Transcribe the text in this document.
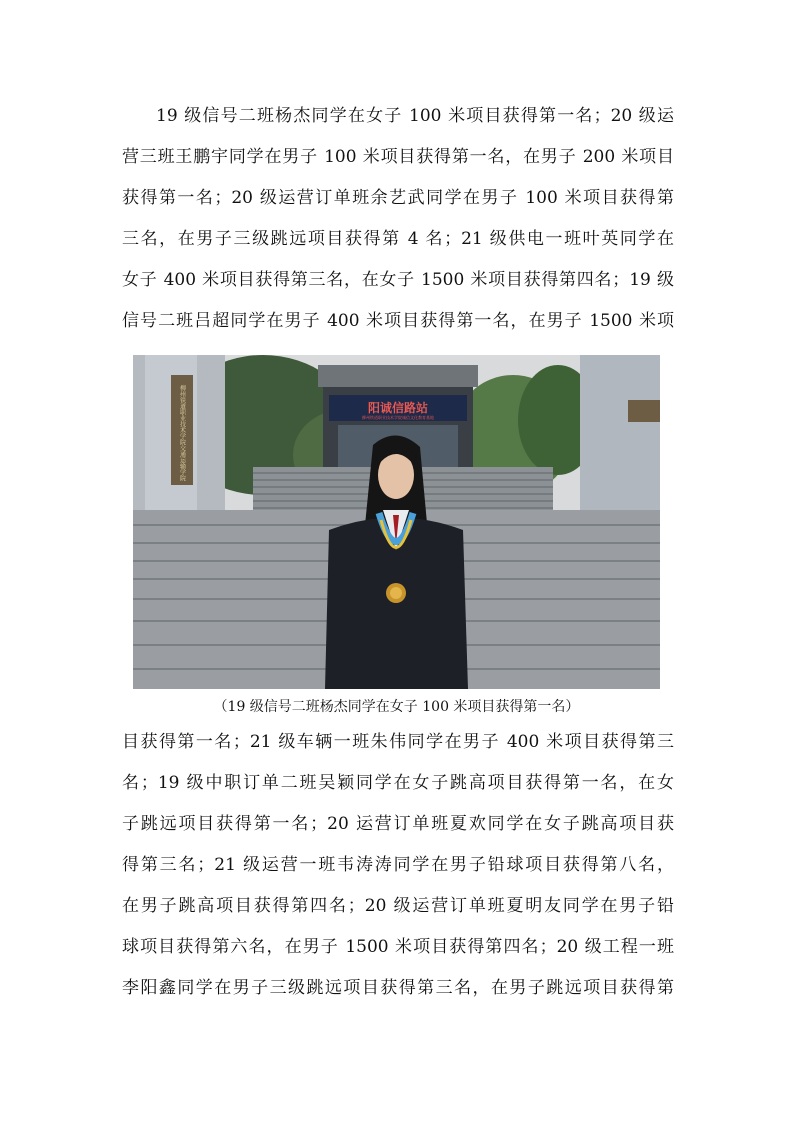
19 级信号二班杨杰同学在女子 100 米项目获得第一名；20 级运
营三班王鹏宇同学在男子 100 米项目获得第一名，在男子 200 米项目
获得第一名；20 级运营订单班余艺武同学在男子 100 米项目获得第
三名，在男子三级跳远项目获得第 4 名；21 级供电一班叶英同学在
女子 400 米项目获得第三名，在女子 1500 米项目获得第四名；19 级
信号二班吕超同学在男子 400 米项目获得第一名，在男子 1500 米项
柳州铁道职业技术学院交通运输学院	阳诚信路站
柳州铁道职业技术学院诚信文化教育基地
（19 级信号二班杨杰同学在女子 100 米项目获得第一名）
目获得第一名；21 级车辆一班朱伟同学在男子 400 米项目获得第三
名；19 级中职订单二班吴颖同学在女子跳高项目获得第一名，在女
子跳远项目获得第一名；20 运营订单班夏欢同学在女子跳高项目获
得第三名；21 级运营一班韦涛涛同学在男子铅球项目获得第八名，
在男子跳高项目获得第四名；20 级运营订单班夏明友同学在男子铅
球项目获得第六名，在男子 1500 米项目获得第四名；20 级工程一班
李阳鑫同学在男子三级跳远项目获得第三名，在男子跳远项目获得第
